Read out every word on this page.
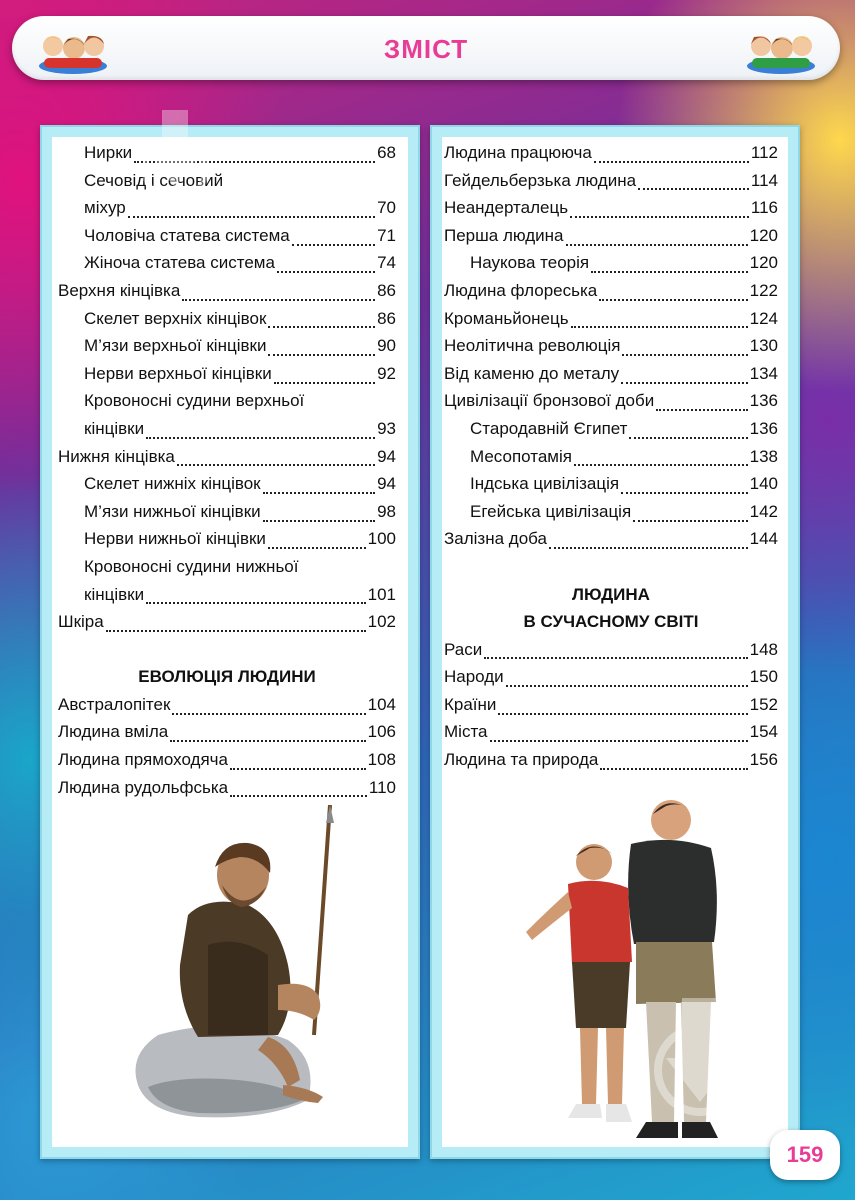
ЗМІСТ
Нирки	68
Сечовід і сечовий
міхур	70
Чоловіча статева система	71
Жіноча статева система	74
Верхня кінцівка	86
Скелет верхніх кінцівок	86
М’язи верхньої кінцівки	90
Нерви верхньої кінцівки	92
Кровоносні судини верхньої
кінцівки	93
Нижня кінцівка	94
Скелет нижніх кінцівок	94
М’язи нижньої кінцівки	98
Нерви нижньої кінцівки	100
Кровоносні судини нижньої
кінцівки	101
Шкіра	102
ЕВОЛЮЦІЯ ЛЮДИНИ
Австралопітек	104
Людина вміла	106
Людина прямоходяча	108
Людина рудольфська	110
Людина працююча	112
Гейдельберзька людина	114
Неандерталець	116
Перша людина	120
Наукова теорія	120
Людина флореська	122
Кроманьйонець	124
Неолітична революція	130
Від каменю до металу	134
Цивілізації бронзової доби	136
Стародавній Єгипет	136
Месопотамія	138
Індська цивілізація	140
Егейська цивілізація	142
Залізна доба	144
ЛЮДИНА
В СУЧАСНОМУ СВІТІ
Раси	148
Народи	150
Країни	152
Міста	154
Людина та природа	156
159
